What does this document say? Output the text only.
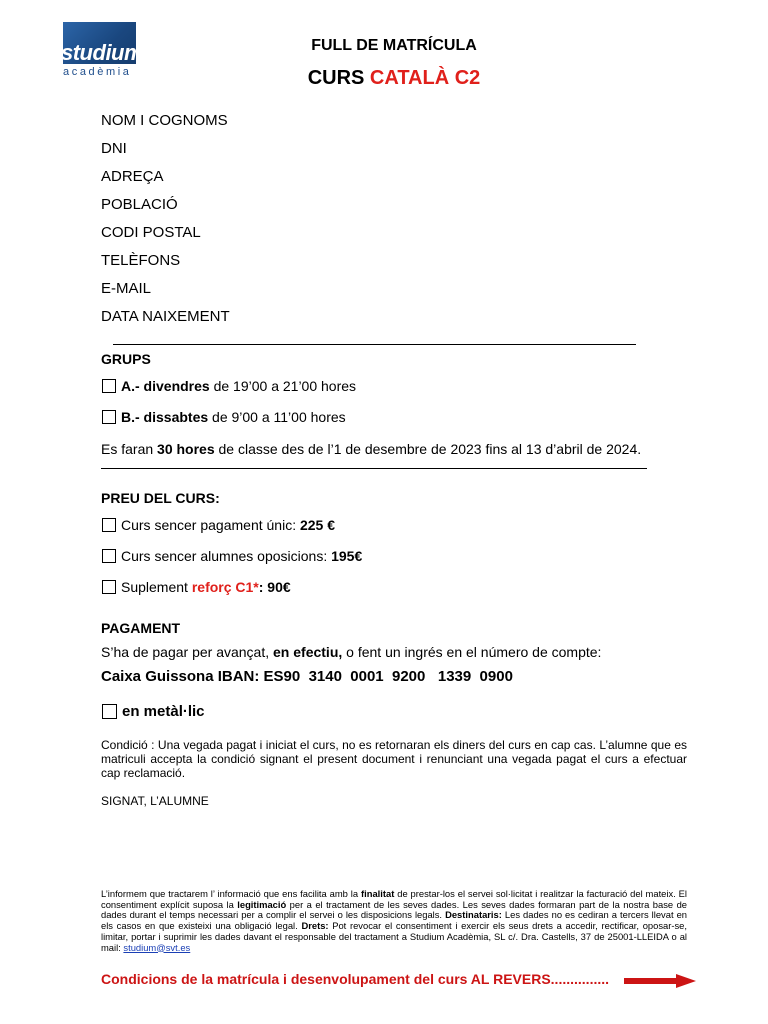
studium
acadèmia
FULL DE MATRÍCULA
CURS CATALÀ C2
NOM I COGNOMS
DNI
ADREÇA
POBLACIÓ
CODI POSTAL
TELÈFONS
E-MAIL
DATA NAIXEMENT
GRUPS
A.- divendres de 19’00 a 21’00 hores
B.- dissabtes de 9’00 a 11’00 hores
Es faran 30 hores de classe des de l’1 de desembre de 2023 fins al 13 d’abril de 2024.
PREU DEL CURS:
Curs sencer pagament únic: 225 €
Curs sencer alumnes oposicions: 195€
Suplement reforç C1* : 90€
PAGAMENT
S’ha de pagar per avançat, en efectiu, o fent un ingrés en el número de compte:
Caixa Guissona IBAN: ES90  3140  0001  9200   1339  0900
en metàl·lic
Condició : Una vegada pagat i iniciat el curs, no es retornaran els diners del curs en cap cas. L’alumne que es matriculi accepta la condició signant el present document i renunciant una vegada pagat el curs a efectuar cap reclamació.
SIGNAT, L’ALUMNE
L’informem que tractarem l’ informació que ens facilita amb la finalitat de prestar-los el servei sol·licitat i realitzar la facturació del mateix. El consentiment explícit suposa la legitimació per a el tractament de les seves dades. Les seves dades formaran part de la nostra base de dades durant el temps necessari per a complir el servei o les disposicions legals. Destinataris: Les dades no es cediran a tercers llevat en els casos en que existeixi una obligació legal. Drets: Pot revocar el consentiment i exercir els seus drets a accedir, rectificar, oposar-se, limitar, portar i suprimir les dades davant el responsable del tractament a Studium Acadèmia, SL c/. Dra. Castells, 37 de 25001-LLEIDA o al mail: studium@svt.es
Condicions de la matrícula i desenvolupament del curs AL REVERS...............
